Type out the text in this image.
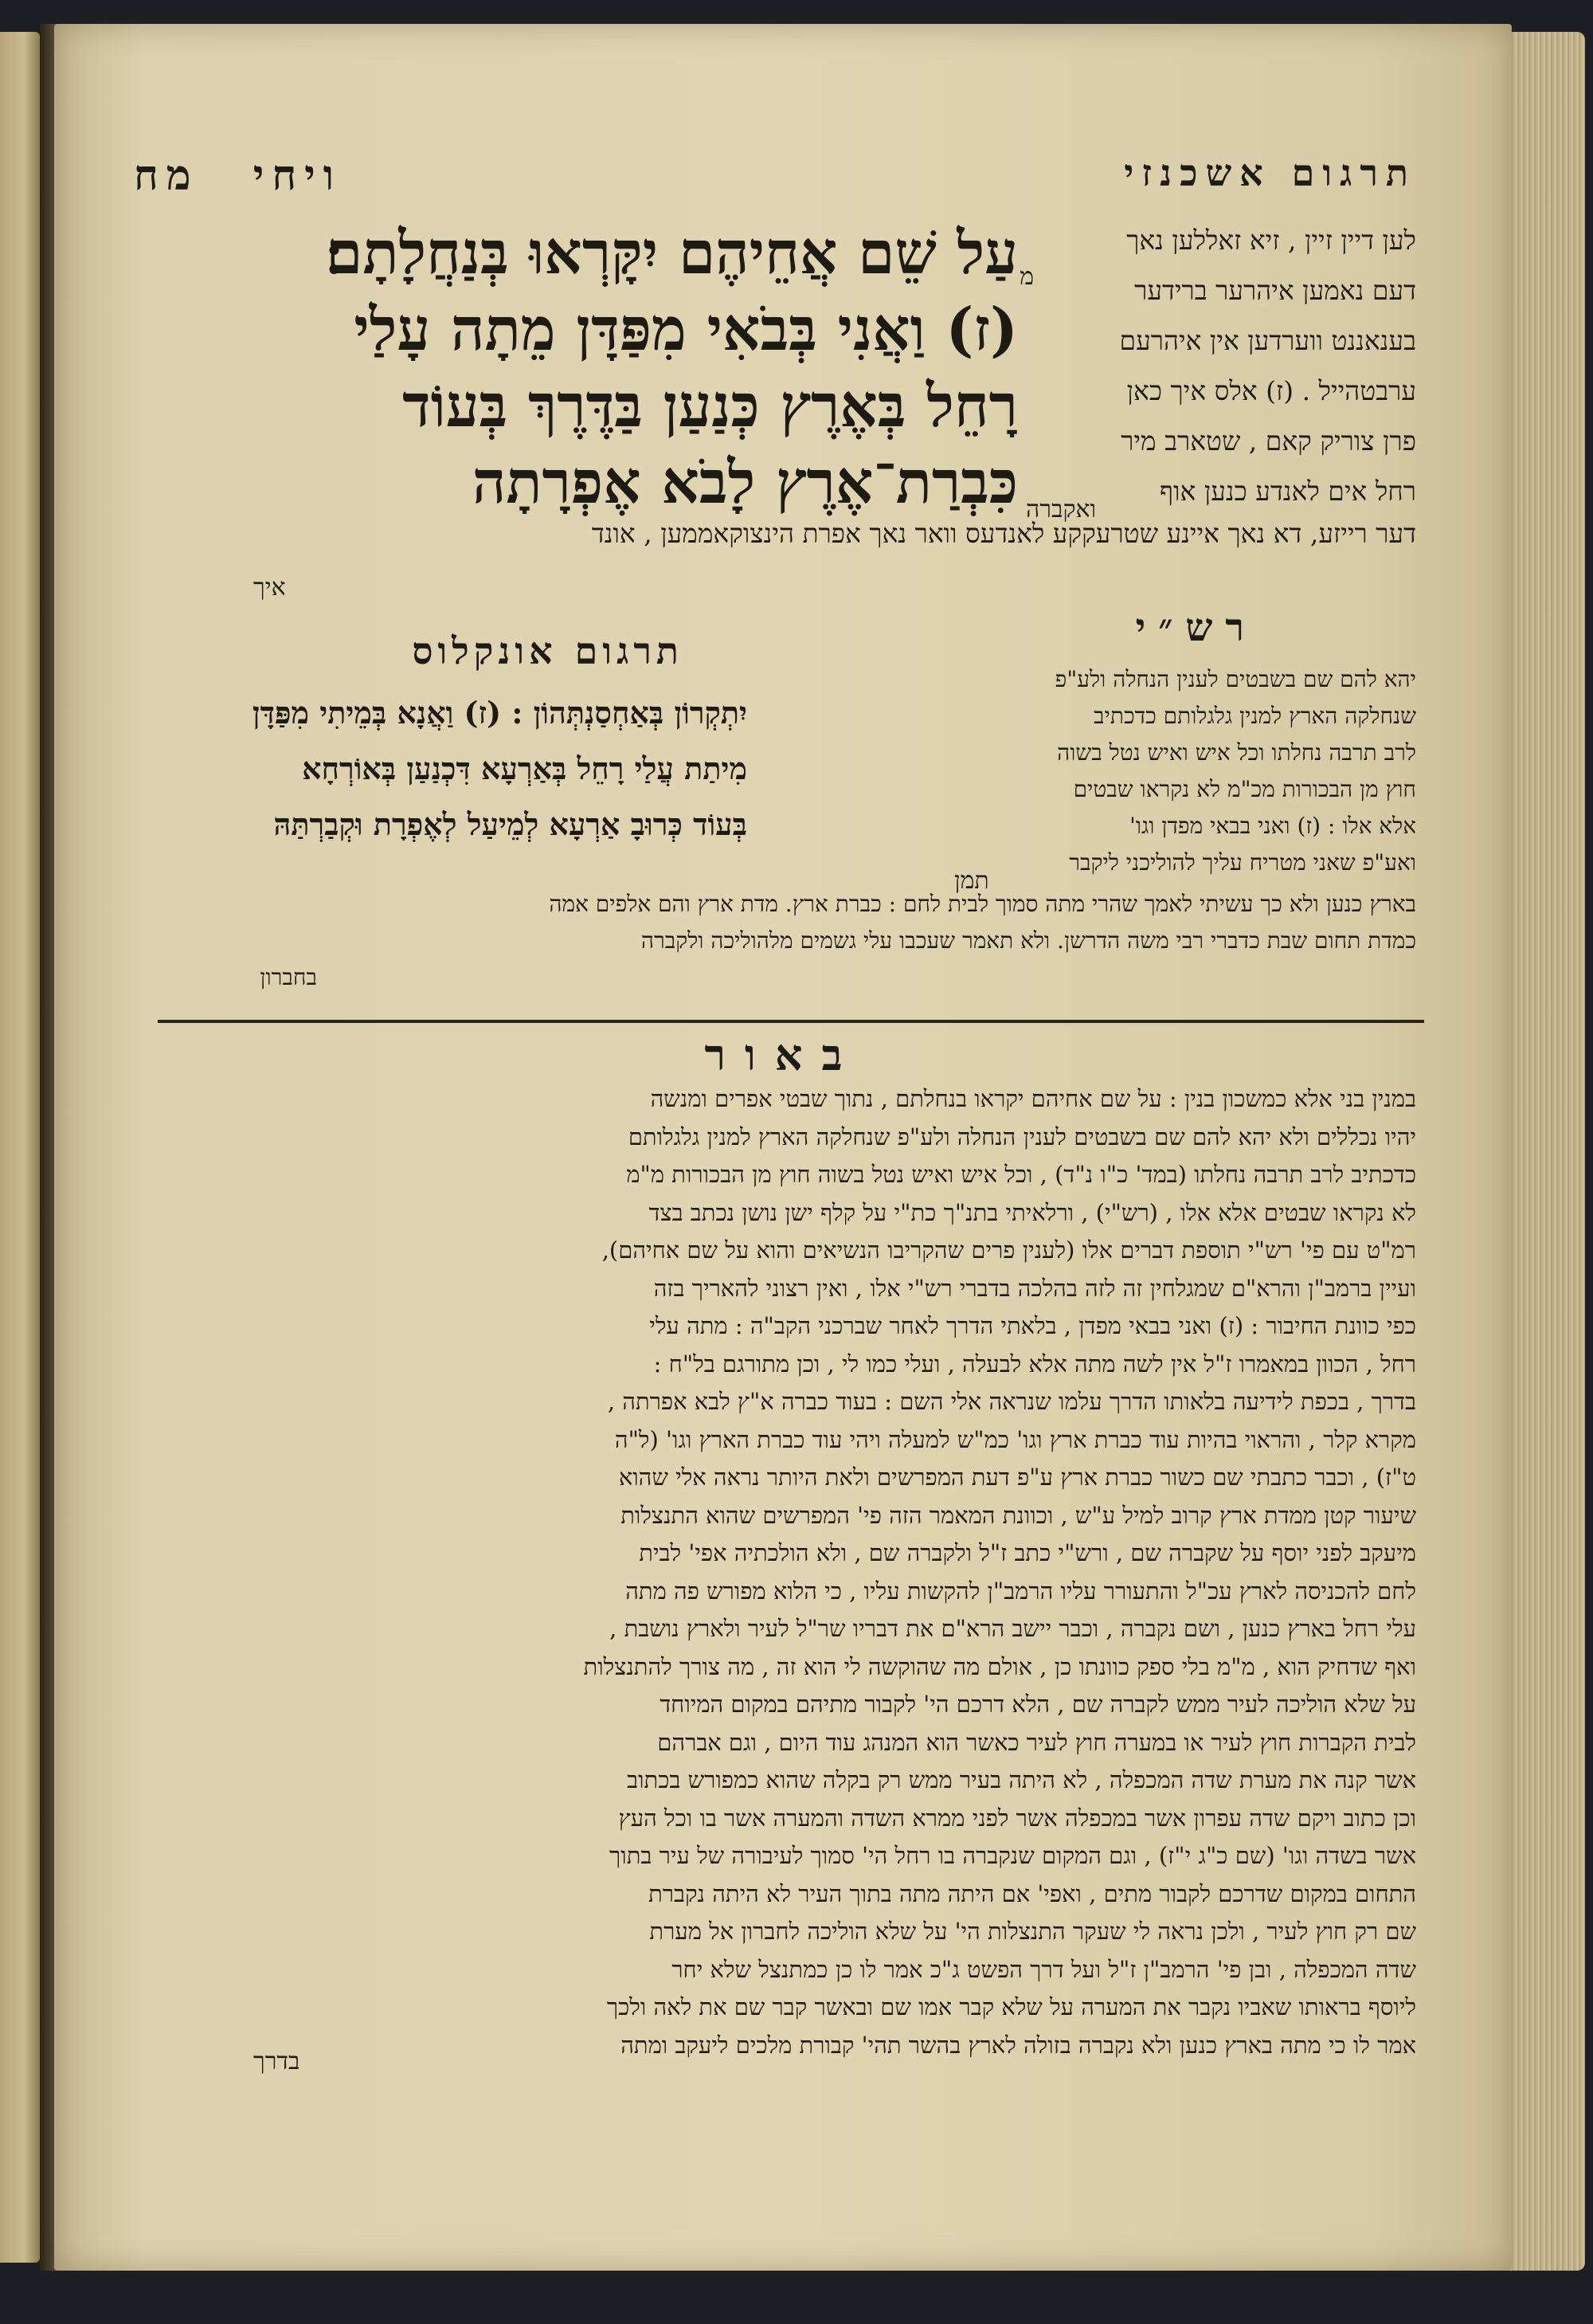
תרגום אשכנזי
ויחי מח
לען דיין זיין , זיא זאללען נאך
דעם נאמען איהרער ברידער
בענאננט ווערדען אין איהרעם
ערבטהייל . (ז) אלס איך כאן
פרן צוריק קאם , שטארב מיר
רחל אים לאנדע כנען אוף
מ
עַל שֵׁם אֲחֵיהֶם יִקָּרְאוּ בְּנַחֲלָתָם׃
(ז) וַאֲנִי בְּבֹאִי מִפַּדָּן מֵתָה עָלַי
רָחֵל בְּאֶרֶץ כְּנַעַן בַּדֶּרֶךְ בְּעוֹד
כִּבְרַת־אֶרֶץ לָבֹא אֶפְרָתָה ואקברה
דער רייזע, דא נאך איינע שטרעקקע לאנדעס וואר נאך אפרת הינצוקאממען , אונד
איך
רש״י
יהא להם שם בשבטים לענין הנחלה ולע"פ
שנחלקה הארץ למנין גלגלותם כדכתיב
לרב תרבה נחלתו וכל איש ואיש נטל בשוה
חוץ מן הבכורות מכ"מ לא נקראו שבטים
אלא אלו : (ז) ואני בבאי מפדן וגו'
ואע"פ שאני מטריח עליך להוליכני ליקבר
תרגום אונקלוס
יִתְקְרוֹן בְּאַחְסַנְתְּהוֹן : (ז) וַאֲנָא בְּמֵיתִי מִפַּדָּן
מִיתַת עֲלַי רָחֵל בְּאַרְעָא דִּכְנַעַן בְּאוֹרְחָא
בְּעוֹד כְּרוּבָ אַרְעָא לְמֵיעַל לְאֶפְרָת וּקְבַרְתַּהּ
תמן
בארץ כנען ולא כך עשיתי לאמך שהרי מתה סמוך לבית לחם : כברת ארץ. מדת ארץ והם אלפים אמה
כמדת תחום שבת כדברי רבי משה הדרשן. ולא תאמר שעכבו עלי גשמים מלהוליכה ולקברה
בחברון
באור
במנין בני אלא כמשכון בנין : על שם אחיהם יקראו בנחלתם , נתוך שבטי אפרים ומנשה
יהיו נכללים ולא יהא להם שם בשבטים לענין הנחלה ולע"פ שנחלקה הארץ למנין גלגלותם
כדכתיב לרב תרבה נחלתו (במד' כ"ו נ"ד) , וכל איש ואיש נטל בשוה חוץ מן הבכורות מ"מ
לא נקראו שבטים אלא אלו , (רש"י) , ורלאיתי בתנ"ך כת"י על קלף ישן נושן נכתב בצד
רמ"ט עם פי' רש"י תוספת דברים אלו (לענין פרים שהקריבו הנשיאים והוא על שם אחיהם),
ועיין ברמב"ן והרא"ם שמגלחין זה לזה בהלכה בדברי רש"י אלו , ואין רצוני להאריך בזה
כפי כוונת החיבור : (ז) ואני בבאי מפדן , בלאתי הדרך לאחר שברכני הקב"ה : מתה עלי
רחל , הכוון במאמרו ז"ל אין לשה מתה אלא לבעלה , ועלי כמו לי , וכן מתורגם בל"ח :
בדרך , בכפת לידיעה בלאותו הדרך עלמו שנראה אלי השם : בעוד כברה א"ץ לבא אפרתה ,
מקרא קלר , והראוי בהיות עוד כברת ארץ וגו' כמ"ש למעלה ויהי עוד כברת הארץ וגו' (ל"ה
ט"ז) , וכבר כתבתי שם כשור כברת ארץ ע"פ דעת המפרשים ולאת היותר נראה אלי שהוא
שיעור קטן ממדת ארץ קרוב למיל ע"ש , וכוונת המאמר הזה פי' המפרשים שהוא התנצלות
מיעקב לפני יוסף על שקברה שם , ורש"י כתב ז"ל ולקברה שם , ולא הולכתיה אפי' לבית
לחם להכניסה לארץ עכ"ל והתעורר עליו הרמב"ן להקשות עליו , כי הלוא מפורש פה מתה
עלי רחל בארץ כנען , ושם נקברה , וכבר יישב הרא"ם את דבריו שר"ל לעיר ולארץ נושבת ,
ואף שדחיק הוא , מ"מ בלי ספק כוונתו כן , אולם מה שהוקשה לי הוא זה , מה צורך להתנצלות
על שלא הוליכה לעיר ממש לקברה שם , הלא דרכם הי' לקבור מתיהם במקום המיוחד
לבית הקברות חוץ לעיר או במערה חוץ לעיר כאשר הוא המנהג עוד היום , וגם אברהם
אשר קנה את מערת שדה המכפלה , לא היתה בעיר ממש רק בקלה שהוא כמפורש בכתוב
וכן כתוב ויקם שדה עפרון אשר במכפלה אשר לפני ממרא השדה והמערה אשר בו וכל העץ
אשר בשדה וגו' (שם כ"ג י"ז) , וגם המקום שנקברה בו רחל הי' סמוך לעיבורה של עיר בתוך
התחום במקום שדרכם לקבור מתים , ואפי' אם היתה מתה בתוך העיר לא היתה נקברת
שם רק חוץ לעיר , ולכן נראה לי שעקר התנצלות הי' על שלא הוליכה לחברון אל מערת
שדה המכפלה , ובן פי' הרמב"ן ז"ל ועל דרך הפשט ג"כ אמר לו כן כמתנצל שלא יחר
ליוסף בראותו שאביו נקבר את המערה על שלא קבר אמו שם ובאשר קבר שם את לאה ולכך
אמר לו כי מתה בארץ כנען ולא נקברה בזולה לארץ בהשר תהי' קבורת מלכים ליעקב ומתה
בדרך
